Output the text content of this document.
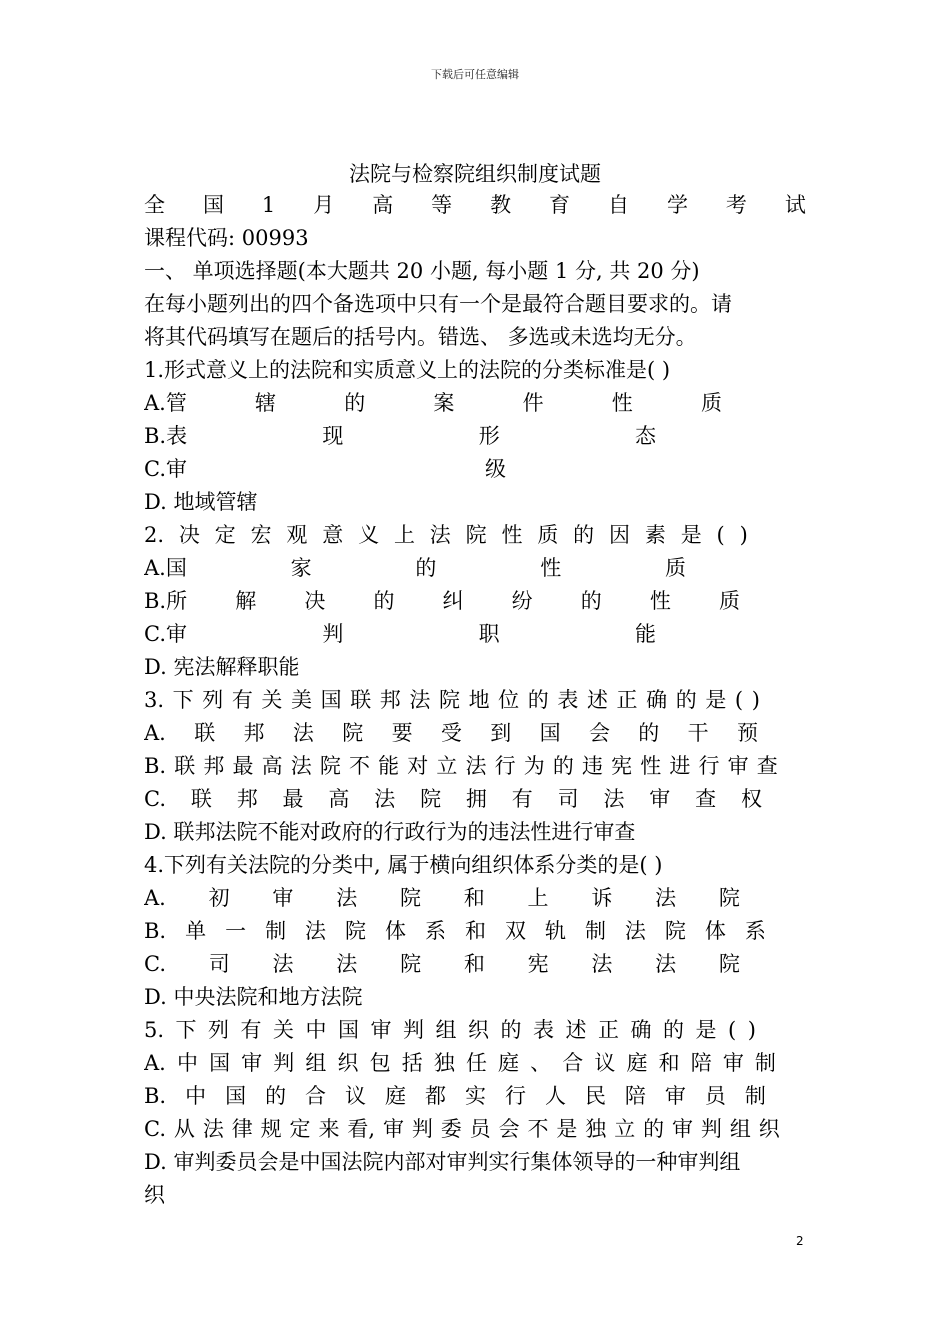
下载后可任意编辑
法院与检察院组织制度试题
全 国 1 月 高 等 教 育 自 学 考 试
课程代码: 00993
一、 单项选择题(本大题共 20 小题, 每小题 1 分, 共 20 分)
在每小题列出的四个备选项中只有一个是最符合题目要求的。请
将其代码填写在题后的括号内。错选、 多选或未选均无分。
1.形式意义上的法院和实质意义上的法院的分类标准是( )
A.管	辖	的	案	件	性	质
B.表	现	形	态
C.审	级
D. 地域管辖
2. 决 定 宏 观 意 义 上 法 院 性 质 的 因 素 是 ( )
A.国	家	的	性	质
B.所 解 决 的 纠 纷 的 性 质
C.审	判	职	能
D. 宪法解释职能
3. 下 列 有 关 美 国 联 邦 法 院 地 位 的 表 述 正 确 的 是 ( )
A. 联 邦 法 院 要 受 到 国 会 的 干 预
B. 联 邦 最 高 法 院 不 能 对 立 法 行 为 的 违 宪 性 进 行 审 查
C. 联 邦 最 高 法 院 拥 有 司 法 审 查 权
D. 联邦法院不能对政府的行政行为的违法性进行审查
4.下列有关法院的分类中, 属于横向组织体系分类的是( )
A. 初 审 法 院 和 上 诉 法 院
B. 单 一 制 法 院 体 系 和 双 轨 制 法 院 体 系
C. 司 法 法 院 和 宪 法 法 院
D. 中央法院和地方法院
5. 下 列 有 关 中 国 审 判 组 织 的 表 述 正 确 的 是 ( )
A. 中 国 审 判 组 织 包 括 独 任 庭 、 合 议 庭 和 陪 审 制
B. 中 国 的 合 议 庭 都 实 行 人 民 陪 审 员 制
C. 从 法 律 规 定 来 看, 审 判 委 员 会 不 是 独 立 的 审 判 组 织
D. 审判委员会是中国法院内部对审判实行集体领导的一种审判组
织
2
